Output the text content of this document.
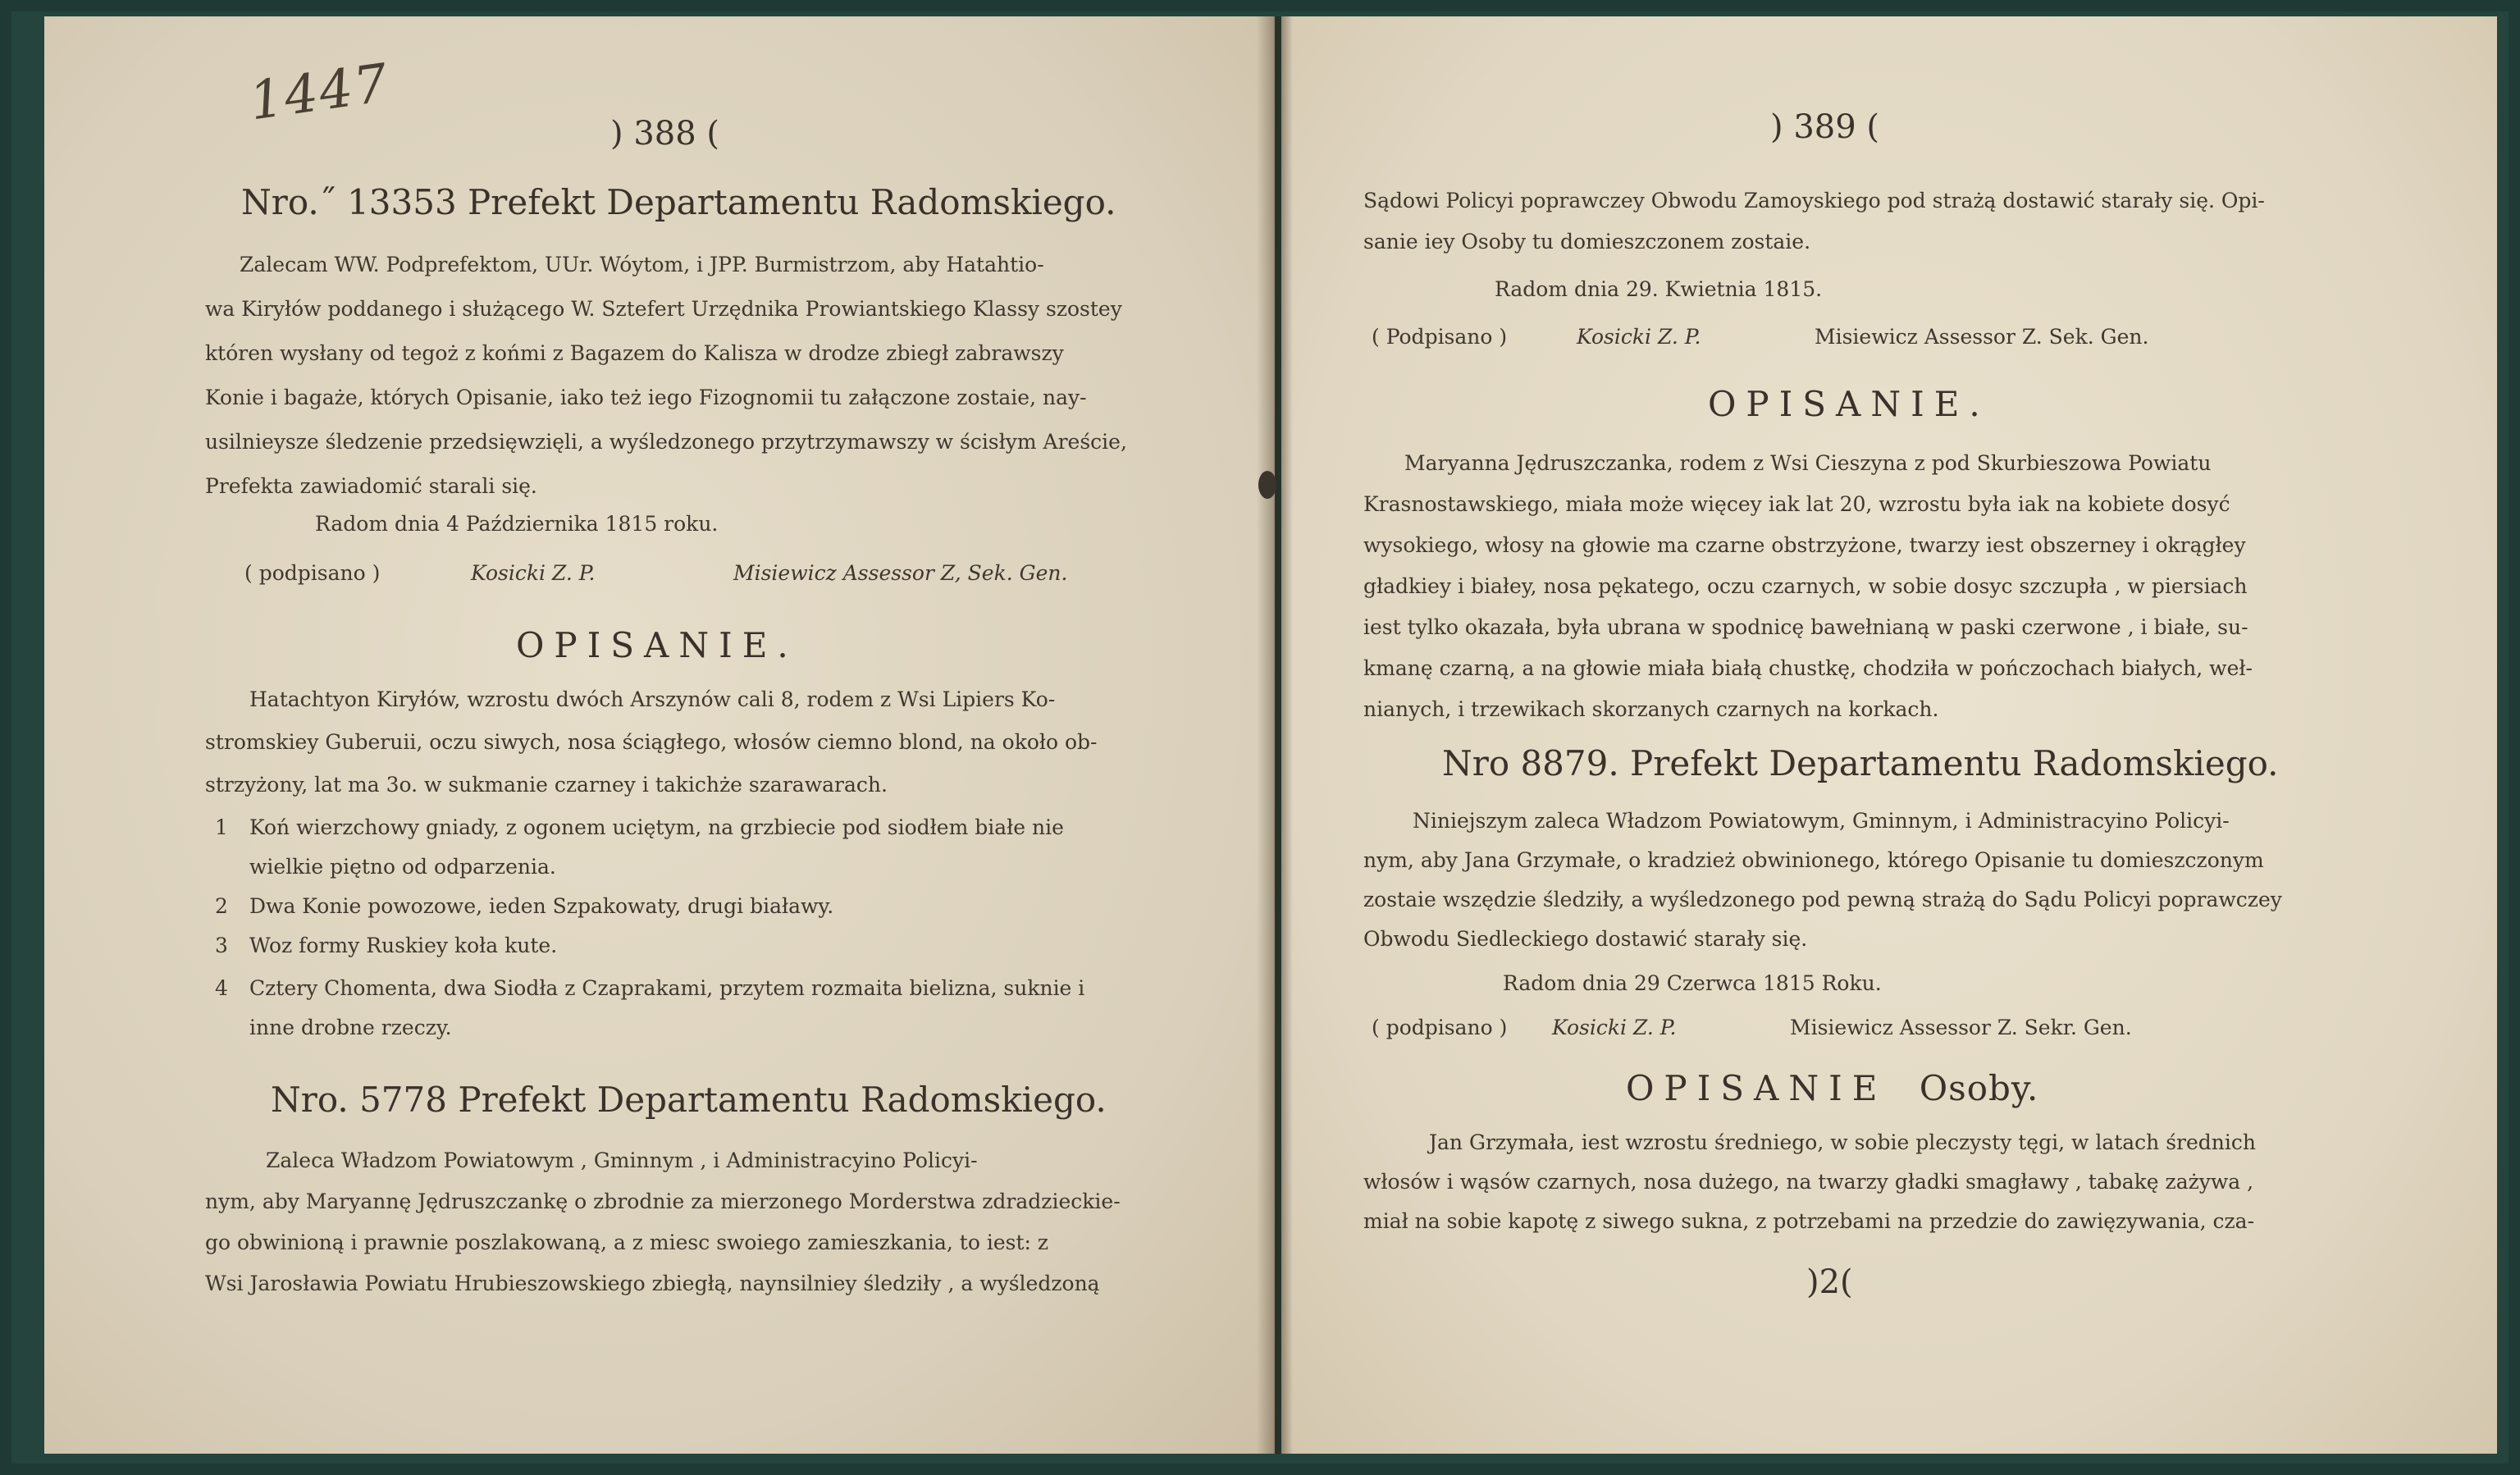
1447
) 388 (
Nro.˝ 13353 Prefekt Departamentu Radomskiego.
Zalecam WW. Podprefektom, UUr. Wóytom, i JPP. Burmistrzom, aby Hatahtio-
wa Kiryłów poddanego i służącego W. Sztefert Urzędnika Prowiantskiego Klassy szostey
któren wysłany od tegoż z końmi z Bagazem do Kalisza w drodze zbiegł zabrawszy
Konie i bagaże, których Opisanie, iako też iego Fizognomii tu załączone zostaie, nay-
usilnieysze śledzenie przedsięwzięli, a wyśledzonego przytrzymawszy w ścisłym Areście,
Prefekta zawiadomić starali się.
Radom dnia 4 Października 1815 roku.
( podpisano )	Kosicki Z. P.	Misiewicz Assessor Z, Sek. Gen.
OPISANIE.
Hatachtyon Kiryłów, wzrostu dwóch Arszynów cali 8, rodem z Wsi Lipiers Ko-
stromskiey Guberuii, oczu siwych, nosa ściągłego, włosów ciemno blond, na około ob-
strzyżony, lat ma 3o. w sukmanie czarney i takichże szarawarach.
1 Koń wierzchowy gniady, z ogonem uciętym, na grzbiecie pod siodłem białe nie
wielkie piętno od odparzenia.
2 Dwa Konie powozowe, ieden Szpakowaty, drugi białawy.
3 Woz formy Ruskiey koła kute.
4 Cztery Chomenta, dwa Siodła z Czaprakami, przytem rozmaita bielizna, suknie i
inne drobne rzeczy.
Nro. 5778 Prefekt Departamentu Radomskiego.
Zaleca Władzom Powiatowym , Gminnym , i Administracyino Policyi-
nym, aby Maryannę Jędruszczankę o zbrodnie za mierzonego Morderstwa zdradzieckie-
go obwinioną i prawnie poszlakowaną, a z miesc swoiego zamieszkania, to iest: z
Wsi Jarosławia Powiatu Hrubieszowskiego zbiegłą, naynsilniey śledziły , a wyśledzoną
) 389 (
Sądowi Policyi poprawczey Obwodu Zamoyskiego pod strażą dostawić starały się. Opi-
sanie iey Osoby tu domieszczonem zostaie.
Radom dnia 29. Kwietnia 1815.
( Podpisano )	Kosicki Z. P.	Misiewicz Assessor Z. Sek. Gen.
OPISANIE.
Maryanna Jędruszczanka, rodem z Wsi Cieszyna z pod Skurbieszowa Powiatu
Krasnostawskiego, miała może więcey iak lat 20, wzrostu była iak na kobiete dosyć
wysokiego, włosy na głowie ma czarne obstrzyżone, twarzy iest obszerney i okrągłey
gładkiey i białey, nosa pękatego, oczu czarnych, w sobie dosyc szczupła , w piersiach
iest tylko okazała, była ubrana w spodnicę bawełnianą w paski czerwone , i białe, su-
kmanę czarną, a na głowie miała białą chustkę, chodziła w pończochach białych, weł-
nianych, i trzewikach skorzanych czarnych na korkach.
Nro 8879. Prefekt Departamentu Radomskiego.
Niniejszym zaleca Władzom Powiatowym, Gminnym, i Administracyino Policyi-
nym, aby Jana Grzymałe, o kradzież obwinionego, którego Opisanie tu domieszczonym
zostaie wszędzie śledziły, a wyśledzonego pod pewną strażą do Sądu Policyi poprawczey
Obwodu Siedleckiego dostawić starały się.
Radom dnia 29 Czerwca 1815 Roku.
( podpisano ) Kosicki Z. P.	Misiewicz Assessor Z. Sekr. Gen.
OPISANIE Osoby.
Jan Grzymała, iest wzrostu średniego, w sobie pleczysty tęgi, w latach średnich
włosów i wąsów czarnych, nosa dużego, na twarzy gładki smagławy , tabakę zażywa ,
miał na sobie kapotę z siwego sukna, z potrzebami na przedzie do zawięzywania, cza-
)2(
